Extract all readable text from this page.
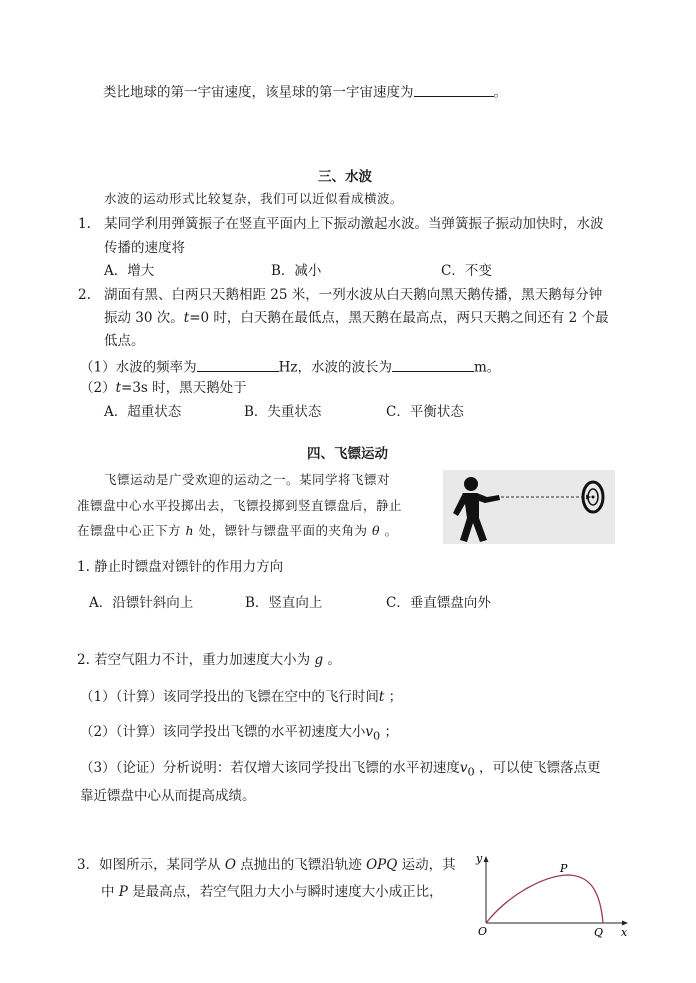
类比地球的第一宇宙速度，该星球的第一宇宙速度为	。
三、水波
水波的运动形式比较复杂，我们可以近似看成横波。
1. 某同学利用弹簧振子在竖直平面内上下振动激起水波。当弹簧振子振动加快时，水波
传播的速度将
A．增大	B．减小	C．不变
2. 湖面有黑、白两只天鹅相距 25 米，一列水波从白天鹅向黑天鹅传播，黑天鹅每分钟
振动 30 次。t=0 时，白天鹅在最低点，黑天鹅在最高点，两只天鹅之间还有 2 个最
低点。
（1）水波的频率为	Hz，水波的波长为	m。
（2）t=3s 时，黑天鹅处于
A．超重状态	B．失重状态	C．平衡状态
四、飞镖运动
飞镖运动是广受欢迎的运动之一。某同学将飞镖对
准镖盘中心水平投掷出去，飞镖投掷到竖直镖盘后，静止
在镖盘中心正下方 h 处，镖针与镖盘平面的夹角为 θ 。
1. 静止时镖盘对镖针的作用力方向
A．沿镖针斜向上	B．竖直向上	C．垂直镖盘向外
2. 若空气阻力不计，重力加速度大小为 g 。
（1）（计算）该同学投出的飞镖在空中的飞行时间t ；
（2）（计算）该同学投出飞镖的水平初速度大小$v_0$ ；
（3）（论证）分析说明：若仅增大该同学投出飞镖的水平初速度$v_0$ ，可以使飞镖落点更
靠近镖盘中心从而提高成绩。
3．如图所示，某同学从 O 点抛出的飞镖沿轨迹 OPQ 运动，其
中 P 是最高点，若空气阻力大小与瞬时速度大小成正比，
y
x
O
P
Q
